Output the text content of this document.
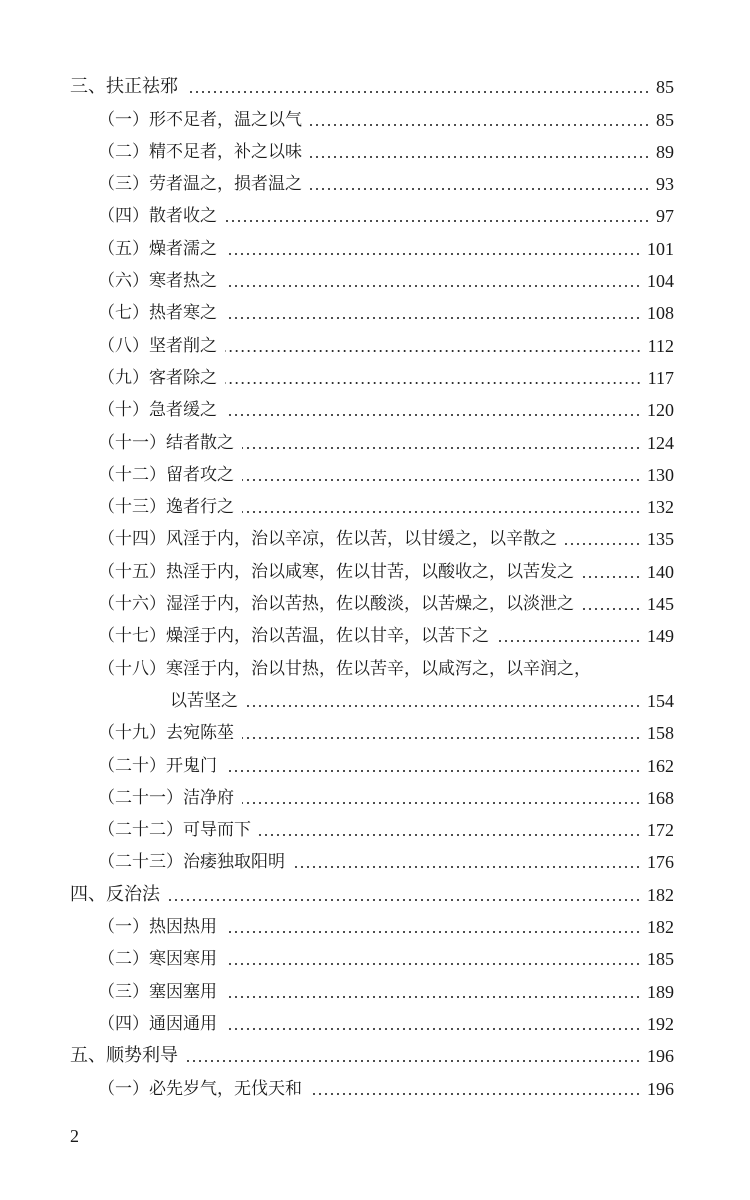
三、扶正祛邪	85
（一）形不足者，温之以气	85
（二）精不足者，补之以味	89
（三）劳者温之，损者温之	93
（四）散者收之	97
（五）燥者濡之	101
（六）寒者热之	104
（七）热者寒之	108
（八）坚者削之	112
（九）客者除之	117
（十）急者缓之	120
（十一）结者散之	124
（十二）留者攻之	130
（十三）逸者行之	132
（十四）风淫于内，治以辛凉，佐以苦，以甘缓之，以辛散之	135
（十五）热淫于内，治以咸寒，佐以甘苦，以酸收之，以苦发之	140
（十六）湿淫于内，治以苦热，佐以酸淡，以苦燥之，以淡泄之	145
（十七）燥淫于内，治以苦温，佐以甘辛，以苦下之	149
（十八）寒淫于内，治以甘热，佐以苦辛，以咸泻之，以辛润之，
以苦坚之	154
（十九）去宛陈莝	158
（二十）开鬼门	162
（二十一）洁净府	168
（二十二）可导而下	172
（二十三）治痿独取阳明	176
四、反治法	182
（一）热因热用	182
（二）寒因寒用	185
（三）塞因塞用	189
（四）通因通用	192
五、顺势利导	196
（一）必先岁气，无伐天和	196
2
